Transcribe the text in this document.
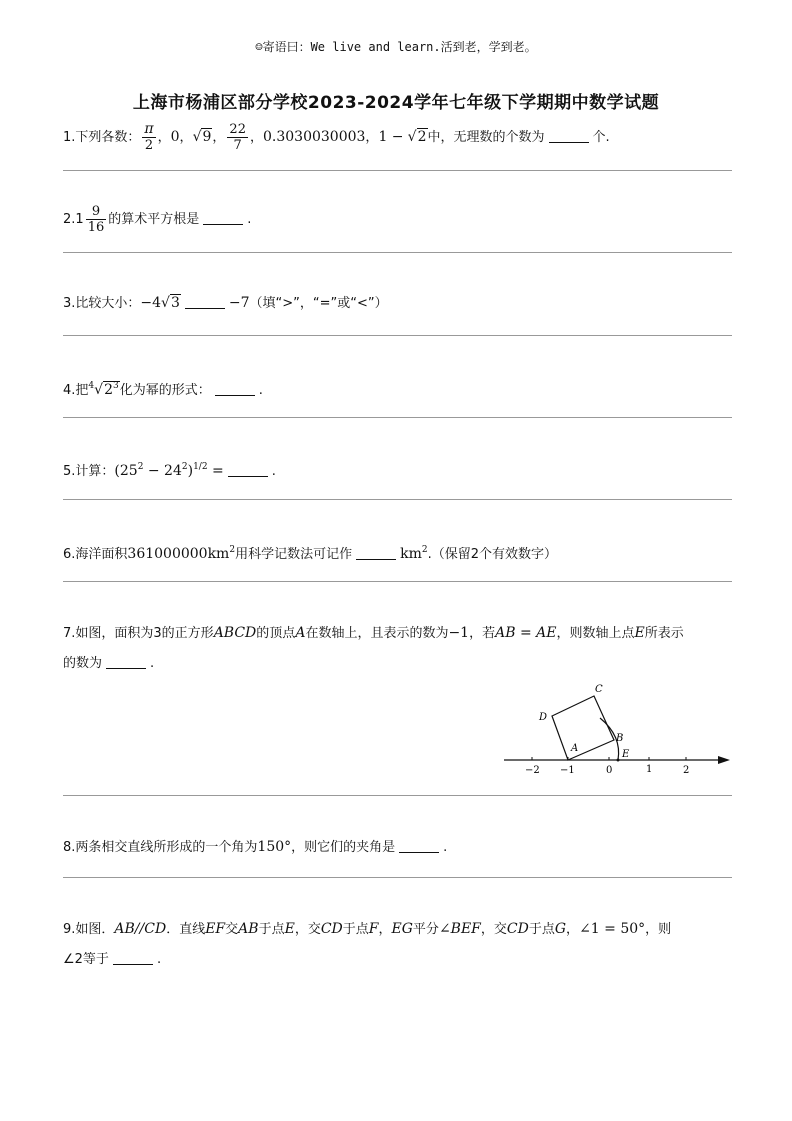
☺寄语曰：We live and learn.活到老，学到老。
上海市杨浦区部分学校2023-2024学年七年级下学期期中数学试题
1.下列各数： $\frac{\pi}{2}$ ，0，√9， $\frac{22}{7}$ ，0.3030030003，1 − √2中，无理数的个数为	个.
$2.1 \frac{9}{16}$ 的算术平方根是	.
3.比较大小：−4√3	−7（填“>”，“=”或“<”）
4.把$^4√2^3$化为幂的形式：	.
5.计算：$(25^2 - 24^2)^{1/2}$ =	.
6.海洋面积$361000000km^2$用科学记数法可记作	$km^2$.（保留2个有效数字）
7.如图，面积为3的正方形ABCD的顶点A在数轴上，且表示的数为−1，若AB = AE，则数轴上点E所表示
的数为	.
−2 −1	0	1	2
A
B
C
D
E
8.两条相交直线所形成的一个角为150°，则它们的夹角是	.
9.如图．AB//CD．直线EF交AB于点E，交CD于点F，EG平分∠BEF，交CD于点G，∠1 = 50°，则
∠2等于	.
